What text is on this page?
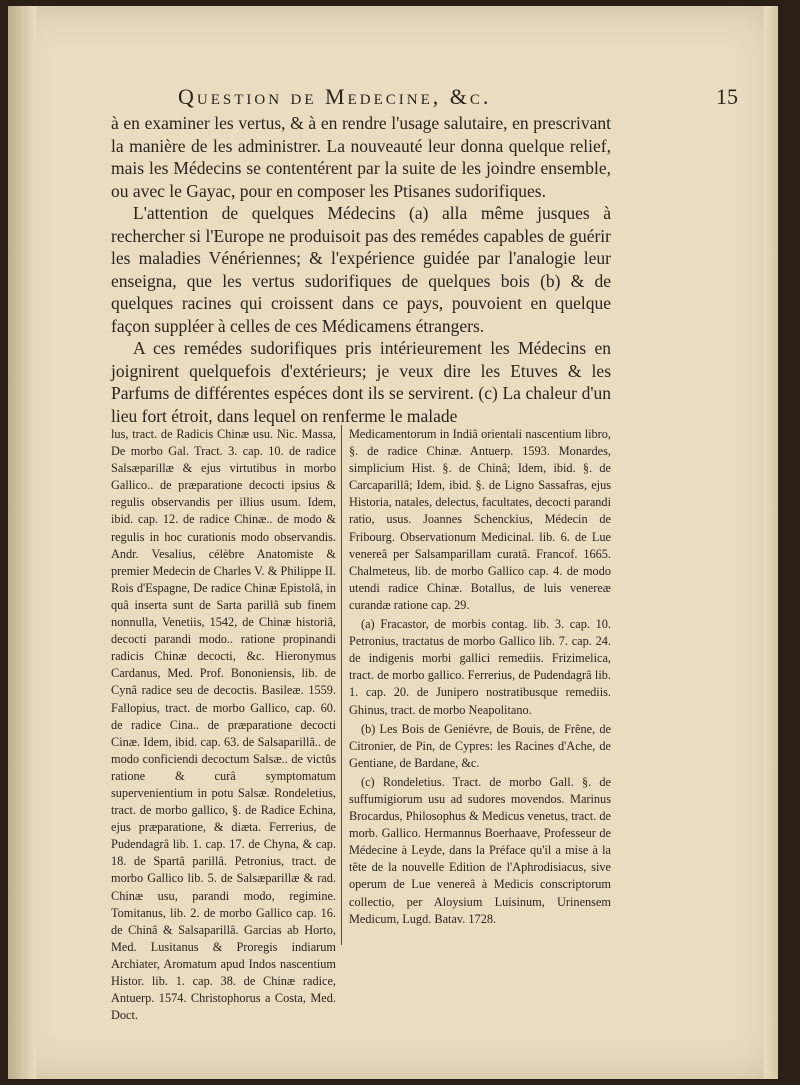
Question de Medecine, &c.	15

à en examiner les vertus, & à en rendre l'usage salutaire, en prescrivant la manière de les administrer. La nouveauté leur donna quelque relief, mais les Médecins se contentérent par la suite de les joindre ensemble, ou avec le Gayac, pour en composer les Ptisanes sudorifiques.

L'attention de quelques Médecins (a) alla même jusques à rechercher si l'Europe ne produisoit pas des remédes capables de guérir les maladies Vénériennes; & l'expérience guidée par l'analogie leur enseigna, que les vertus sudorifiques de quelques bois (b) & de quelques racines qui croissent dans ce pays, pouvoient en quelque façon suppléer à celles de ces Médicamens étrangers.

A ces remédes sudorifiques pris intérieurement les Médecins en joignirent quelquefois d'extérieurs; je veux dire les Etuves & les Parfums de différentes espéces dont ils se servirent. (c) La chaleur d'un lieu fort étroit, dans lequel on renferme le malade

lus, tract. de Radicis Chinæ usu. Nic. Massa, De morbo Gal. Tract. 3. cap. 10. de radice Salsæparillæ & ejus virtutibus in morbo Gallico.. de præparatione decocti ipsius & regulis observandis per illius usum. Idem, ibid. cap. 12. de radice Chinæ.. de modo & regulis in hoc curationis modo observandis. Andr. Vesalius, célèbre Anatomiste & premier Medecin de Charles V. & Philippe II. Rois d'Espagne, De radice Chinæ Epistolâ, in quâ inserta sunt de Sarta parillâ sub finem nonnulla, Venetiis, 1542, de Chinæ historiâ, decocti parandi modo.. ratione propinandi radicis Chinæ decocti, &c. Hieronymus Cardanus, Med. Prof. Bononiensis, lib. de Cynâ radice seu de decoctis. Basileæ. 1559. Fallopius, tract. de morbo Gallico, cap. 60. de radice Cina.. de præparatione decocti Cinæ. Idem, ibid. cap. 63. de Salsaparillâ.. de modo conficiendi decoctum Salsæ.. de victûs ratione & curâ symptomatum supervenientium in potu Salsæ. Rondeletius, tract. de morbo gallico, §. de Radice Echina, ejus præparatione, & diæta. Ferrerius, de Pudendagrâ lib. 1. cap. 17. de Chyna, & cap. 18. de Spartâ parillâ. Petronius, tract. de morbo Gallico lib. 5. de Salsæparillæ & rad. Chinæ usu, parandi modo, regimine. Tomitanus, lib. 2. de morbo Gallico cap. 16. de Chinâ & Salsaparillâ. Garcias ab Horto, Med. Lusitanus & Proregis indiarum Archiater, Aromatum apud Indos nascentium Histor. lib. 1. cap. 38. de Chinæ radice, Antuerp. 1574. Christophorus a Costa, Med. Doct.

Medicamentorum in Indiâ orientali nascentium libro, §. de radice Chinæ. Antuerp. 1593. Monardes, simplicium Hist. §. de Chinâ; Idem, ibid. §. de Carcaparillâ; Idem, ibid. §. de Ligno Sassafras, ejus Historia, natales, delectus, facultates, decocti parandi ratio, usus. Joannes Schenckius, Médecin de Fribourg. Observationum Medicinal. lib. 6. de Lue venereâ per Salsamparillam curatâ. Francof. 1665. Chalmeteus, lib. de morbo Gallico cap. 4. de modo utendi radice Chinæ. Botallus, de luis venereæ curandæ ratione cap. 29.

(a) Fracastor, de morbis contag. lib. 3. cap. 10. Petronius, tractatus de morbo Gallico lib. 7. cap. 24. de indigenis morbi gallici remediis. Frizimelica, tract. de morbo gallico. Ferrerius, de Pudendagrâ lib. 1. cap. 20. de Junipero nostratibusque remediis. Ghinus, tract. de morbo Neapolitano.

(b) Les Bois de Geniévre, de Bouis, de Frêne, de Citronier, de Pin, de Cypres: les Racines d'Ache, de Gentiane, de Bardane, &c.

(c) Rondeletius. Tract. de morbo Gall. §. de suffumigiorum usu ad sudores movendos. Marinus Brocardus, Philosophus & Medicus venetus, tract. de morb. Gallico. Hermannus Boerhaave, Professeur de Médecine à Leyde, dans la Préface qu'il a mise à la tête de la nouvelle Edition de l'Aphrodisiacus, sive operum de Lue venereâ à Medicis conscriptorum collectio, per Aloysium Luisinum, Urinensem Medicum, Lugd. Batav. 1728.
